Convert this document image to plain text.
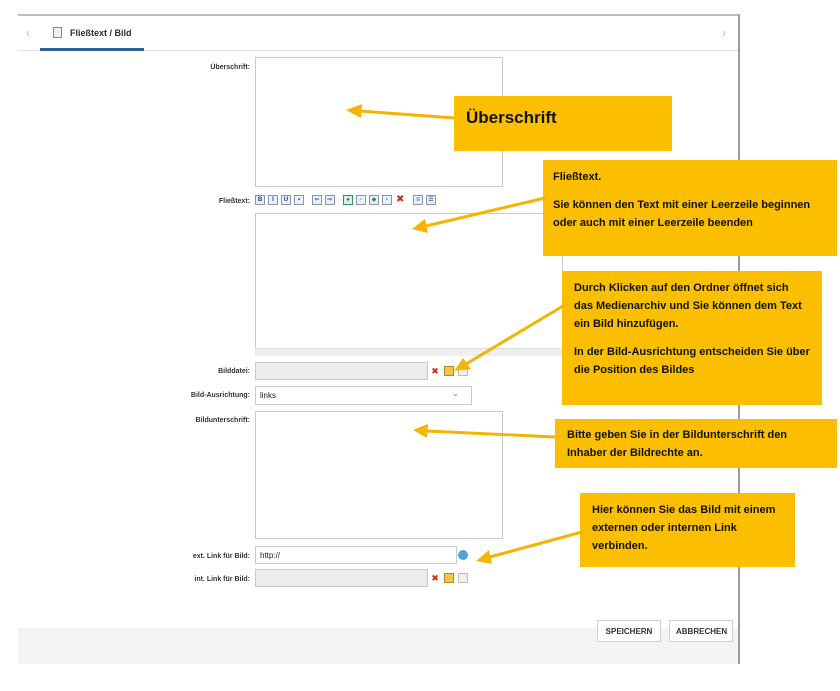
‹	Fließtext / Bild	›
Überschrift:
Fließtext:	B	I	U	▪	⇦	⇨	●	◦	◆	▫ ✖	≡	☰
Bilddatei:	✖
Bild-Ausrichtung: links	⌄
Bildunterschrift:
ext. Link für Bild: http://
int. Link für Bild:	✖
SPEICHERN	ABBRECHEN
Überschrift

Fließtext.

Sie können den Text mit einer Leerzeile beginnen oder auch mit einer Leerzeile beenden

Durch Klicken auf den Ordner öffnet sich das Medienarchiv und Sie können dem Text ein Bild hinzufügen.

In der Bild-Ausrichtung entscheiden Sie über die Position des Bildes

Bitte geben Sie in der Bildunterschrift den Inhaber der Bildrechte an.
Hier können Sie das Bild mit einem externen oder internen Link verbinden.
